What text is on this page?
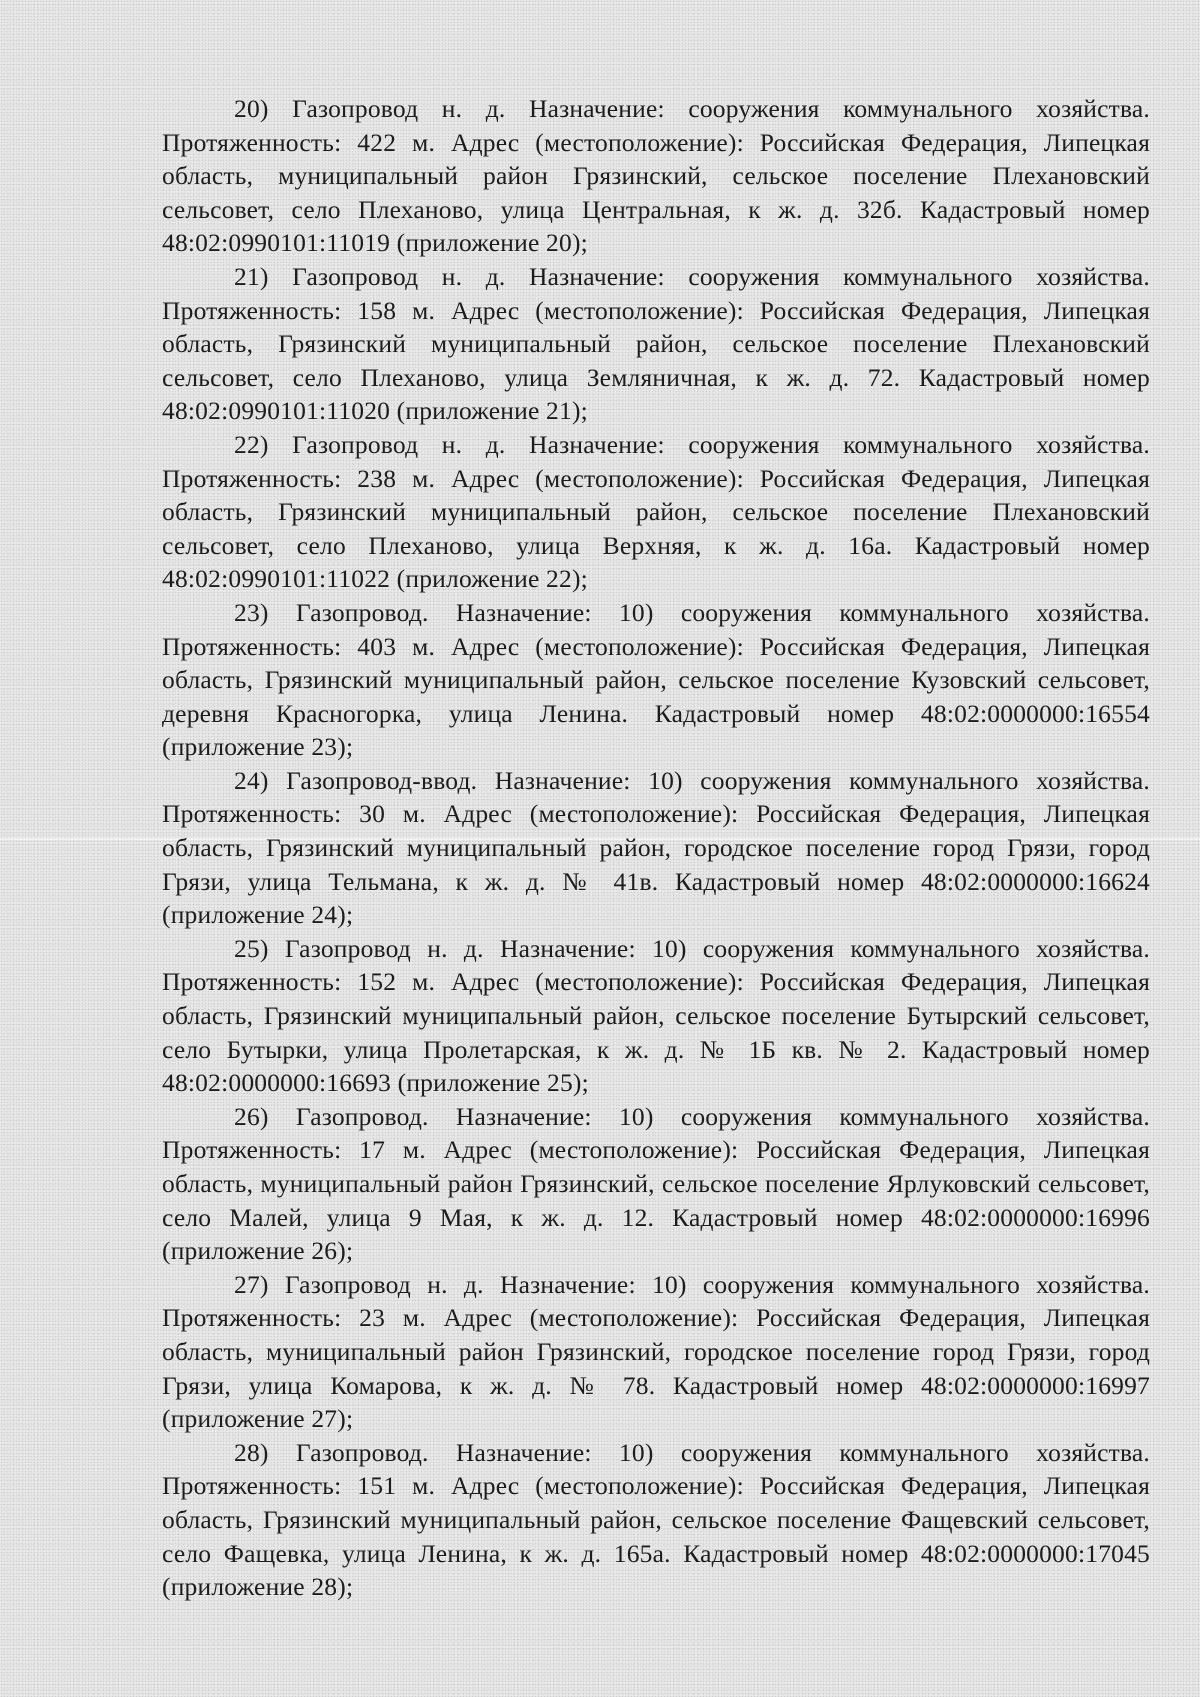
20) Газопровод н. д. Назначение: сооружения коммунального хозяйства. Протяженность: 422 м. Адрес (местоположение): Российская Федерация, Липецкая область, муниципальный район Грязинский, сельское поселение Плехановский сельсовет, село Плеханово, улица Центральная, к ж. д. 32б. Кадастровый номер 48:02:0990101:11019 (приложение 20);

21) Газопровод н. д. Назначение: сооружения коммунального хозяйства. Протяженность: 158 м. Адрес (местоположение): Российская Федерация, Липецкая область, Грязинский муниципальный район, сельское поселение Плехановский сельсовет, село Плеханово, улица Земляничная, к ж. д. 72. Кадастровый номер 48:02:0990101:11020 (приложение 21);

22) Газопровод н. д. Назначение: сооружения коммунального хозяйства. Протяженность: 238 м. Адрес (местоположение): Российская Федерация, Липецкая область, Грязинский муниципальный район, сельское поселение Плехановский сельсовет, село Плеханово, улица Верхняя, к ж. д. 16а. Кадастровый номер 48:02:0990101:11022 (приложение 22);

23) Газопровод. Назначение: 10) сооружения коммунального хозяйства. Протяженность: 403 м. Адрес (местоположение): Российская Федерация, Липецкая область, Грязинский муниципальный район, сельское поселение Кузовский сельсовет, деревня Красногорка, улица Ленина. Кадастровый номер 48:02:0000000:16554 (приложение 23);

24) Газопровод-ввод. Назначение: 10) сооружения коммунального хозяйства. Протяженность: 30 м. Адрес (местоположение): Российская Федерация, Липецкая область, Грязинский муниципальный район, городское поселение город Грязи, город Грязи, улица Тельмана, к ж. д. № 41в. Кадастровый номер 48:02:0000000:16624 (приложение 24);

25) Газопровод н. д. Назначение: 10) сооружения коммунального хозяйства. Протяженность: 152 м. Адрес (местоположение): Российская Федерация, Липецкая область, Грязинский муниципальный район, сельское поселение Бутырский сельсовет, село Бутырки, улица Пролетарская, к ж. д. № 1Б кв. № 2. Кадастровый номер 48:02:0000000:16693 (приложение 25);

26) Газопровод. Назначение: 10) сооружения коммунального хозяйства. Протяженность: 17 м. Адрес (местоположение): Российская Федерация, Липецкая область, муниципальный район Грязинский, сельское поселение Ярлуковский сельсовет, село Малей, улица 9 Мая, к ж. д. 12. Кадастровый номер 48:02:0000000:16996 (приложение 26);

27) Газопровод н. д. Назначение: 10) сооружения коммунального хозяйства. Протяженность: 23 м. Адрес (местоположение): Российская Федерация, Липецкая область, муниципальный район Грязинский, городское поселение город Грязи, город Грязи, улица Комарова, к ж. д. № 78. Кадастровый номер 48:02:0000000:16997 (приложение 27);

28) Газопровод. Назначение: 10) сооружения коммунального хозяйства. Протяженность: 151 м. Адрес (местоположение): Российская Федерация, Липецкая область, Грязинский муниципальный район, сельское поселение Фащевский сельсовет, село Фащевка, улица Ленина, к ж. д. 165а. Кадастровый номер 48:02:0000000:17045 (приложение 28);
